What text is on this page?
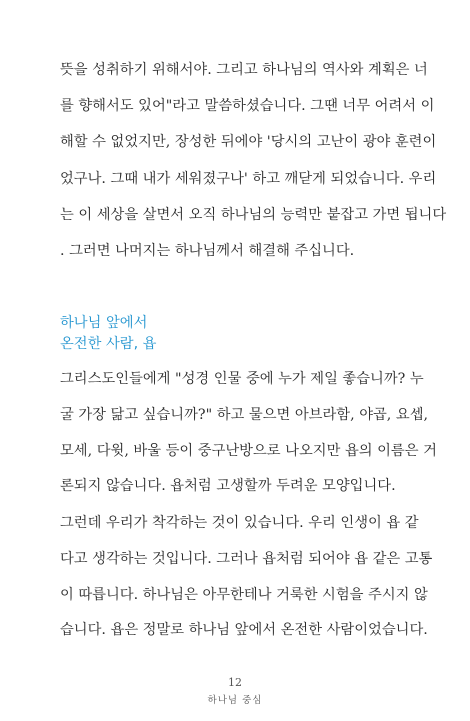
뜻을 성취하기 위해서야. 그리고 하나님의 역사와 계획은 너
를 향해서도 있어"라고 말씀하셨습니다. 그땐 너무 어려서 이
해할 수 없었지만, 장성한 뒤에야 '당시의 고난이 광야 훈련이
었구나. 그때 내가 세워졌구나' 하고 깨닫게 되었습니다. 우리
는 이 세상을 살면서 오직 하나님의 능력만 붙잡고 가면 됩니다
. 그러면 나머지는 하나님께서 해결해 주십니다.
하나님 앞에서
온전한 사람, 욥
그리스도인들에게 "성경 인물 중에 누가 제일 좋습니까? 누
굴 가장 닮고 싶습니까?" 하고 물으면 아브라함, 야곱, 요셉,
모세, 다윗, 바울 등이 중구난방으로 나오지만 욥의 이름은 거
론되지 않습니다. 욥처럼 고생할까 두려운 모양입니다.
그런데 우리가 착각하는 것이 있습니다. 우리 인생이 욥 같
다고 생각하는 것입니다. 그러나 욥처럼 되어야 욥 같은 고통
이 따릅니다. 하나님은 아무한테나 거룩한 시험을 주시지 않
습니다. 욥은 정말로 하나님 앞에서 온전한 사람이었습니다.
12
하나님 중심
